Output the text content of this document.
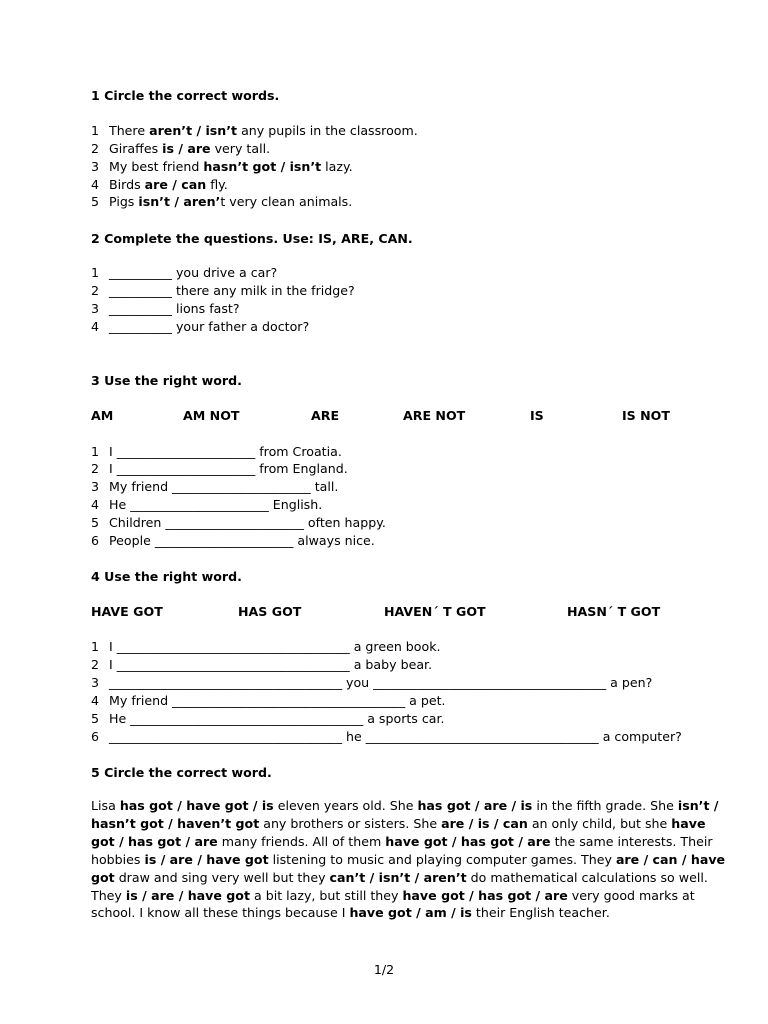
1 Circle the correct words.
1 There aren’t / isn’t any pupils in the classroom.
2 Giraffes is / are very tall.
3 My best friend hasn’t got / isn’t lazy.
4 Birds are / can fly.
5 Pigs isn’t / aren’t very clean animals.
2 Complete the questions. Use: IS, ARE, CAN.
1 __________ you drive a car?
2 __________ there any milk in the fridge?
3 __________ lions fast?
4 __________ your father a doctor?
3 Use the right word.
AM	AM NOT	ARE	ARE NOT	IS	IS NOT
1 I ______________________ from Croatia.
2 I ______________________ from England.
3 My friend ______________________ tall.
4 He ______________________ English.
5 Children ______________________ often happy.
6 People ______________________ always nice.
4 Use the right word.
HAVE GOT	HAS GOT	HAVEN´ T GOT	HASN´ T GOT
1 I _____________________________________ a green book.
2 I _____________________________________ a baby bear.
3 _____________________________________ you _____________________________________ a pen?
4 My friend _____________________________________ a pet.
5 He _____________________________________ a sports car.
6 _____________________________________ he _____________________________________ a computer?
5 Circle the correct word.
Lisa has got / have got / is eleven years old. She has got / are / is in the fifth grade. She isn’t / hasn’t got / haven’t got any brothers or sisters. She are / is / can an only child, but she have got / has got / are many friends. All of them have got / has got / are the same interests. Their hobbies is / are / have got listening to music and playing computer games. They are / can / have got draw and sing very well but they can’t / isn’t / aren’t do mathematical calculations so well. They is / are / have got a bit lazy, but still they have got / has got / are very good marks at school. I know all these things because I have got / am / is their English teacher.
1/2
